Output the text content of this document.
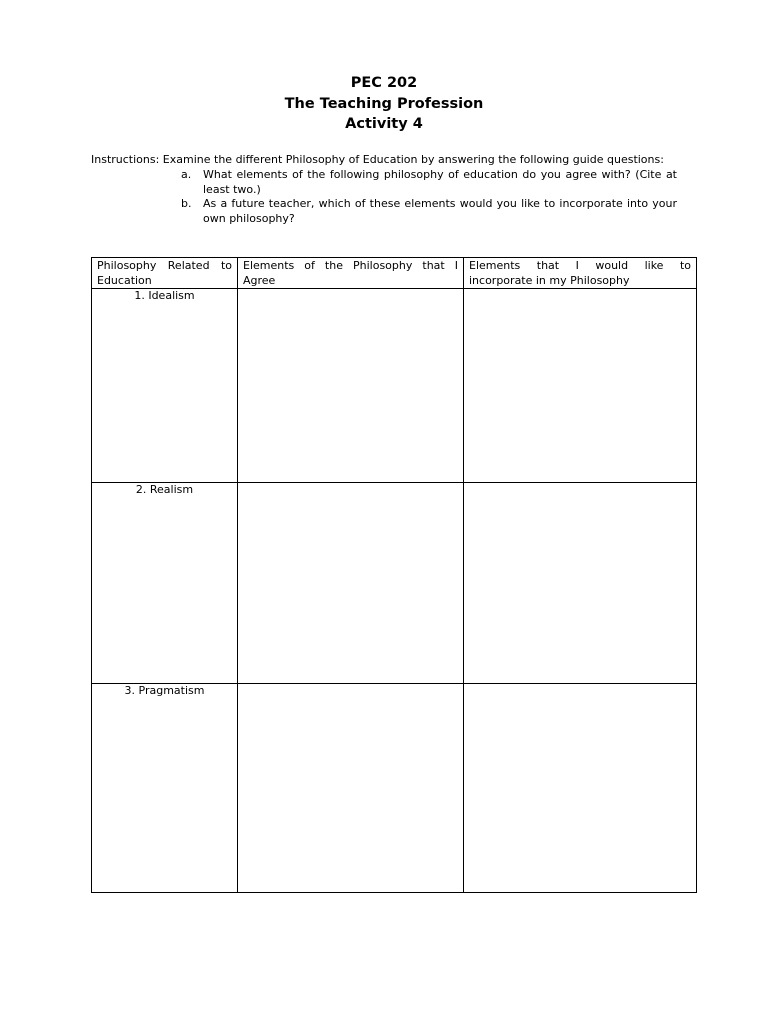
PEC 202
The Teaching Profession
Activity 4
Instructions: Examine the different Philosophy of Education by answering the following guide questions:
a. What elements of the following philosophy of education do you agree with? (Cite at least two.)
b. As a future teacher, which of these elements would you like to incorporate into your own philosophy?
Philosophy Related to Education	Elements of the Philosophy that I Agree	Elements that I would like to incorporate in my Philosophy
1. Idealism	

2. Realism	

3. Pragmatism	
